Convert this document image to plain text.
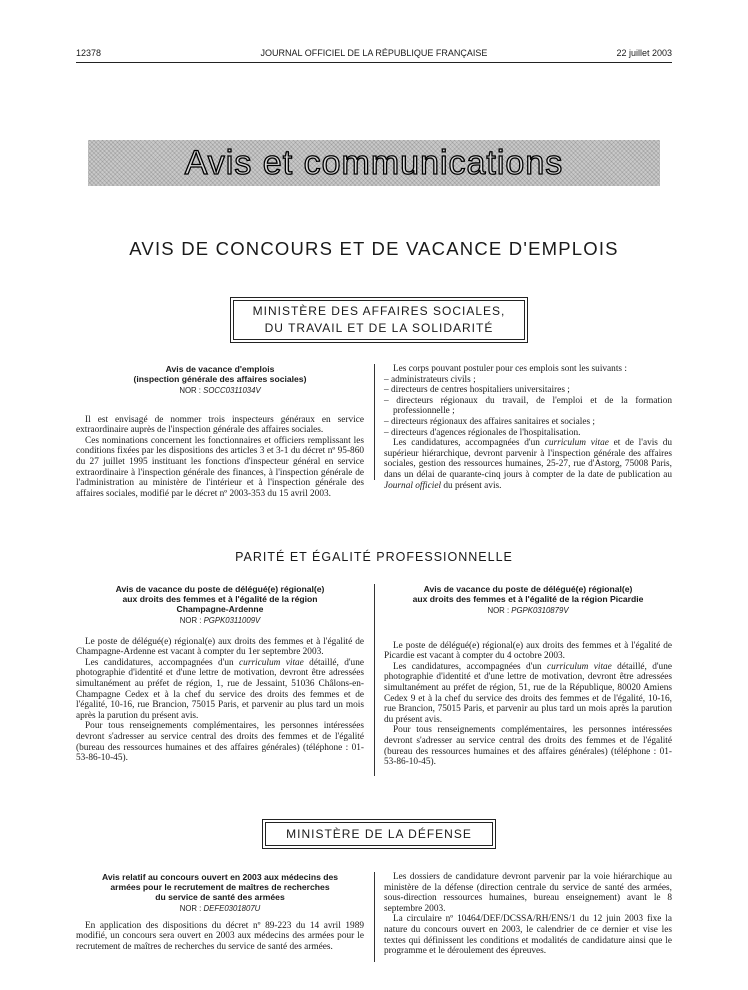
12378	JOURNAL OFFICIEL DE LA RÉPUBLIQUE FRANÇAISE	22 juillet 2003
Avis et communications
AVIS DE CONCOURS ET DE VACANCE D'EMPLOIS
MINISTÈRE DES AFFAIRES SOCIALES,
DU TRAVAIL ET DE LA SOLIDARITÉ
Avis de vacance d'emplois
(inspection générale des affaires sociales)
NOR : SOCC0311034V

Il est envisagé de nommer trois inspecteurs généraux en service extraordinaire auprès de l'inspection générale des affaires sociales.

Ces nominations concernent les fonctionnaires et officiers remplissant les conditions fixées par les dispositions des articles 3 et 3-1 du décret nº 95-860 du 27 juillet 1995 instituant les fonctions d'inspecteur général en service extraordinaire à l'inspection générale des finances, à l'inspection générale de l'administration au ministère de l'intérieur et à l'inspection générale des affaires sociales, modifié par le décret nº 2003-353 du 15 avril 2003.

Les corps pouvant postuler pour ces emplois sont les suivants :

– administrateurs civils ;
– directeurs de centres hospitaliers universitaires ;
– directeurs régionaux du travail, de l'emploi et de la formation professionnelle ;
– directeurs régionaux des affaires sanitaires et sociales ;
– directeurs d'agences régionales de l'hospitalisation.

Les candidatures, accompagnées d'un curriculum vitae et de l'avis du supérieur hiérarchique, devront parvenir à l'inspection générale des affaires sociales, gestion des ressources humaines, 25-27, rue d'Astorg, 75008 Paris, dans un délai de quarante-cinq jours à compter de la date de publication au Journal officiel du présent avis.

PARITÉ ET ÉGALITÉ PROFESSIONNELLE
Avis de vacance du poste de délégué(e) régional(e)
aux droits des femmes et à l'égalité de la région
Champagne-Ardenne
NOR : PGPK0311009V

Le poste de délégué(e) régional(e) aux droits des femmes et à l'égalité de Champagne-Ardenne est vacant à compter du 1er septembre 2003.

Les candidatures, accompagnées d'un curriculum vitae détaillé, d'une photographie d'identité et d'une lettre de motivation, devront être adressées simultanément au préfet de région, 1, rue de Jessaint, 51036 Châlons-en-Champagne Cedex et à la chef du service des droits des femmes et de l'égalité, 10-16, rue Brancion, 75015 Paris, et parvenir au plus tard un mois après la parution du présent avis.

Pour tous renseignements complémentaires, les personnes intéressées devront s'adresser au service central des droits des femmes et de l'égalité (bureau des ressources humaines et des affaires générales) (téléphone : 01-53-86-10-45).

Avis de vacance du poste de délégué(e) régional(e)
aux droits des femmes et à l'égalité de la région Picardie
NOR : PGPK0310879V

Le poste de délégué(e) régional(e) aux droits des femmes et à l'égalité de Picardie est vacant à compter du 4 octobre 2003.

Les candidatures, accompagnées d'un curriculum vitae détaillé, d'une photographie d'identité et d'une lettre de motivation, devront être adressées simultanément au préfet de région, 51, rue de la République, 80020 Amiens Cedex 9 et à la chef du service des droits des femmes et de l'égalité, 10-16, rue Brancion, 75015 Paris, et parvenir au plus tard un mois après la parution du présent avis.

Pour tous renseignements complémentaires, les personnes intéressées devront s'adresser au service central des droits des femmes et de l'égalité (bureau des ressources humaines et des affaires générales) (téléphone : 01-53-86-10-45).

MINISTÈRE DE LA DÉFENSE
Avis relatif au concours ouvert en 2003 aux médecins des
armées pour le recrutement de maîtres de recherches
du service de santé des armées
NOR : DEFE0301807U

En application des dispositions du décret nº 89-223 du 14 avril 1989 modifié, un concours sera ouvert en 2003 aux médecins des armées pour le recrutement de maîtres de recherches du service de santé des armées.

Les dossiers de candidature devront parvenir par la voie hiérarchique au ministère de la défense (direction centrale du service de santé des armées, sous-direction ressources humaines, bureau enseignement) avant le 8 septembre 2003.

La circulaire nº 10464/DEF/DCSSA/RH/ENS/1 du 12 juin 2003 fixe la nature du concours ouvert en 2003, le calendrier de ce dernier et vise les textes qui définissent les conditions et modalités de candidature ainsi que le programme et le déroulement des épreuves.
